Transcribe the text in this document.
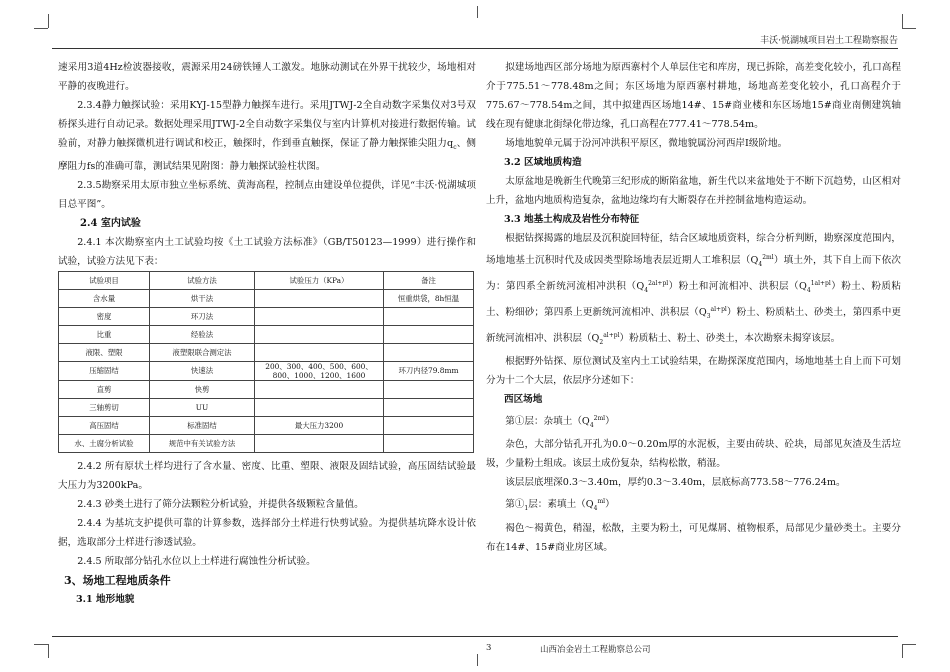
丰沃·悦湖城项目岩土工程勘察报告

速采用3道4Hz检波器接收，震源采用24磅铁锤人工激发。地脉动测试在外界干扰较少，场地相对平静的夜晚进行。

2.3.4静力触探试验：采用KYJ-15型静力触探车进行。采用JTWJ-2全自动数字采集仪对3号双桥探头进行自动记录。数据处理采用JTWJ-2全自动数字采集仪与室内计算机对接进行数据传输。试验前，对静力触探微机进行调试和校正，触探时，作到垂直触探，保证了静力触探锥尖阻力$q_c$、侧摩阻力fs的准确可靠，测试结果见附图：静力触探试验柱状图。

2.3.5勘察采用太原市独立坐标系统、黄海高程，控制点由建设单位提供，详见“丰沃·悦湖城项目总平图”。

2.4 室内试验

2.4.1 本次勘察室内土工试验均按《土工试验方法标准》（GB/T50123—1999）进行操作和试验，试验方法见下表：

试验项目	试验方法	试验压力（KPa）	备注
含水量	烘干法		恒重烘袋，8h恒温
密度	环刀法		
比重	经验法		
液限、塑限	液塑限联合测定法		
压缩固结	快速法	200、300、400、500、600、800、1000、1200、1600	环刀内径79.8mm
直剪	快剪		
三轴剪切	UU		
高压固结	标准固结	最大压力3200	
水、土腐分析试验	规范中有关试验方法		

2.4.2 所有原状土样均进行了含水量、密度、比重、塑限、液限及固结试验，高压固结试验最大压力为3200kPa。

2.4.3 砂类土进行了筛分法颗粒分析试验，并提供各级颗粒含量值。

2.4.4 为基坑支护提供可靠的计算参数，选择部分土样进行快剪试验。为提供基坑降水设计依据，选取部分土样进行渗透试验。

2.4.5 所取部分钻孔水位以上土样进行腐蚀性分析试验。

3、场地工程地质条件

3.1 地形地貌

拟建场地西区部分场地为原西寨村个人单层住宅和库房，现已拆除，高差变化较小，孔口高程介于775.51～778.48m之间；东区场地为原西寨村耕地，场地高差变化较小，孔口高程介于775.67～778.54m之间，其中拟建西区场地14#、15#商业楼和东区场地15#商业南侧建筑轴线在现有健康北街绿化带边缘，孔口高程在777.41～778.54m。

场地地貌单元属于汾河冲洪积平原区，微地貌属汾河西岸Ⅰ级阶地。

3.2 区域地质构造

太原盆地是晚新生代晚第三纪形成的断陷盆地，新生代以来盆地处于不断下沉趋势，山区相对上升，盆地内地质构造复杂，盆地边缘均有大断裂存在并控制盆地构造运动。

3.3 地基土构成及岩性分布特征

根据钻探揭露的地层及沉积旋回特征，结合区域地质资料，综合分析判断，勘察深度范围内，场地地基土沉积时代及成因类型除场地表层近期人工堆积层$(Q_4^{2ml})$填土外，其下自上而下依次为：第四系全新统河流相冲洪积$(Q_4^{2al+pl})$粉土和河流相冲、洪积层$(Q_4^{1al+pl})$粉土、粉质粘土、粉细砂；第四系上更新统河流相冲、洪积层$(Q_3^{al+pl})$粉土、粉质粘土、砂类土，第四系中更新统河流相冲、洪积层$(Q_2^{al+pl})$粉质粘土、粉土、砂类土，本次勘察未揭穿该层。

根据野外钻探、原位测试及室内土工试验结果，在勘探深度范围内，场地地基土自上而下可划分为十二个大层，依层序分述如下：

西区场地

第①层：杂填土$(Q_4^{2ml})$

杂色，大部分钻孔开孔为0.0～0.20m厚的水泥板，主要由砖块、砼块，局部见灰渣及生活垃圾，少量粉土组成。该层土成份复杂，结构松散，稍湿。

该层层底埋深0.3～3.40m，厚约0.3～3.40m，层底标高773.58～776.24m。

第$①_1$层：素填土$(Q_4^{ml})$

褐色～褐黄色，稍湿，松散，主要为粉土，可见煤屑、植物根系，局部见少量砂类土。主要分布在14#、15#商业房区域。

3	山西冶金岩土工程勘察总公司
